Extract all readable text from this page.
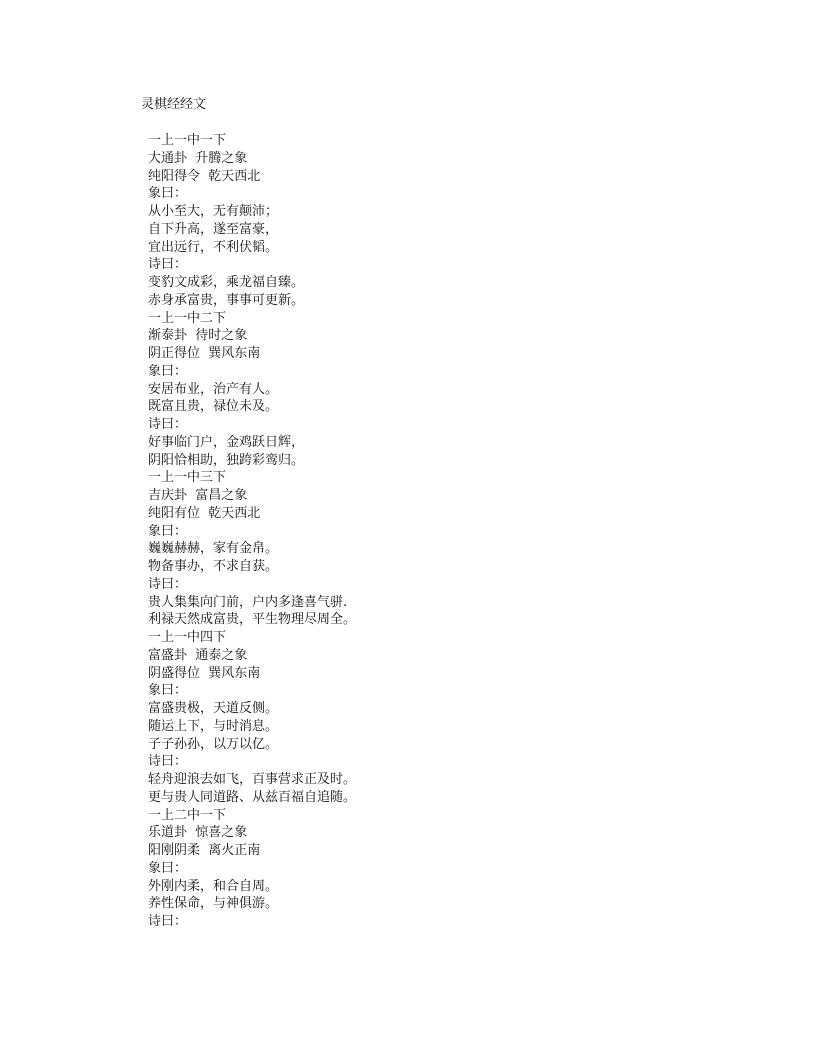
灵棋经经文
一上一中一下
大通卦  升腾之象
纯阳得令  乾天西北
象曰：
从小至大，无有颠沛；
自下升高，遂至富豪，
宜出远行，不利伏韬。
诗曰：
变豹文成彩，乘龙福自臻。
赤身承富贵，事事可更新。
一上一中二下
渐泰卦  待时之象
阴正得位  巽风东南
象曰：
安居布业，治产有人。
既富且贵，禄位未及。
诗曰：
好事临门户，金鸡跃日辉，
阴阳恰相助，独跨彩鸾归。
一上一中三下
吉庆卦  富昌之象
纯阳有位  乾天西北
象曰：
巍巍赫赫，家有金帛。
物备事办，不求自获。
诗曰：
贵人集集向门前，户内多逢喜气骈.
利禄天然成富贵，平生物理尽周全。
一上一中四下
富盛卦  通泰之象
阴盛得位  巽风东南
象曰：
富盛贵极，天道反侧。
随运上下，与时消息。
子子孙孙，以万以亿。
诗曰：
轻舟迎浪去如飞，百事营求正及时。
更与贵人同道路、从兹百福自追随。
一上二中一下
乐道卦  惊喜之象
阳刚阴柔  离火正南
象曰：
外刚内柔，和合自周。
养性保命，与神俱游。
诗曰：
